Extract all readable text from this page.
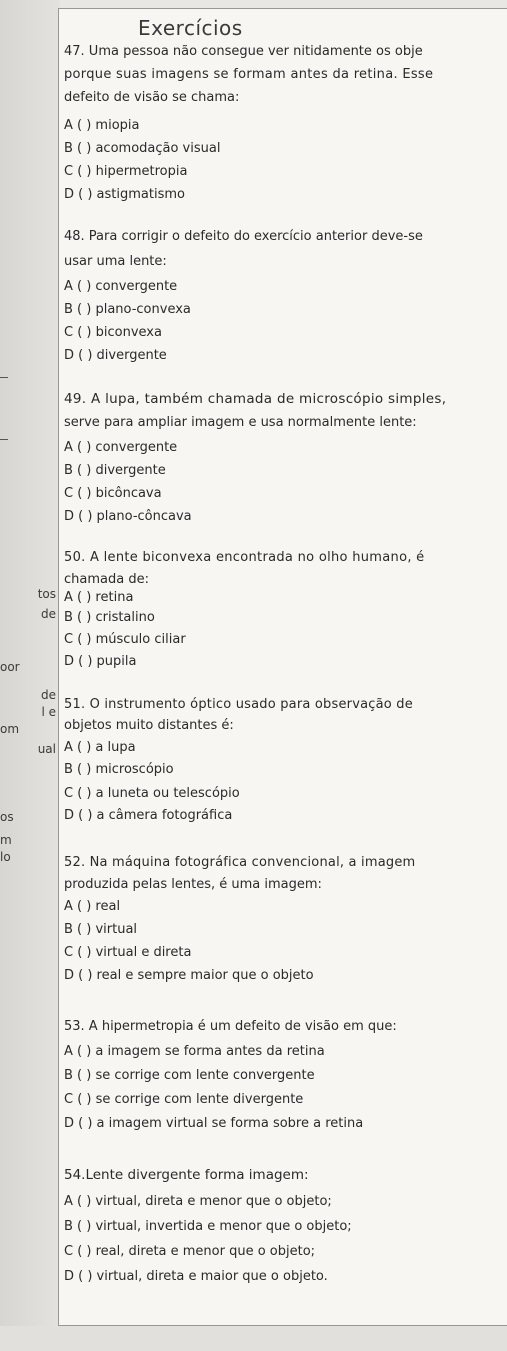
tos
de
oor
de
l e
om
ual
os
m
lo
Exercícios
47. Uma pessoa não consegue ver nitidamente os obje
porque suas imagens se formam antes da retina. Esse
defeito de visão se chama:
A ( ) miopia
B ( ) acomodação visual
C ( ) hipermetropia
D ( ) astigmatismo
48. Para corrigir o defeito do exercício anterior deve-se
usar uma lente:
A ( ) convergente
B ( ) plano-convexa
C ( ) biconvexa
D ( ) divergente
49. A lupa, também chamada de microscópio simples,
serve para ampliar imagem e usa normalmente lente:
A ( ) convergente
B ( ) divergente
C ( ) bicôncava
D ( ) plano-côncava
50. A lente biconvexa encontrada no olho humano, é
chamada de:
A ( ) retina
B ( ) cristalino
C ( ) músculo ciliar
D ( ) pupila
51. O instrumento óptico usado para observação de
objetos muito distantes é:
A ( ) a lupa
B ( ) microscópio
C ( ) a luneta ou telescópio
D ( ) a câmera fotográfica
52. Na máquina fotográfica convencional, a imagem
produzida pelas lentes, é uma imagem:
A ( ) real
B ( ) virtual
C ( ) virtual e direta
D ( ) real e sempre maior que o objeto
53. A hipermetropia é um defeito de visão em que:
A ( ) a imagem se forma antes da retina
B ( ) se corrige com lente convergente
C ( ) se corrige com lente divergente
D ( ) a imagem virtual se forma sobre a retina
54.Lente divergente forma imagem:
A ( ) virtual, direta e menor que o objeto;
B ( ) virtual, invertida e menor que o objeto;
C ( ) real, direta e menor que o objeto;
D ( ) virtual, direta e maior que o objeto.
